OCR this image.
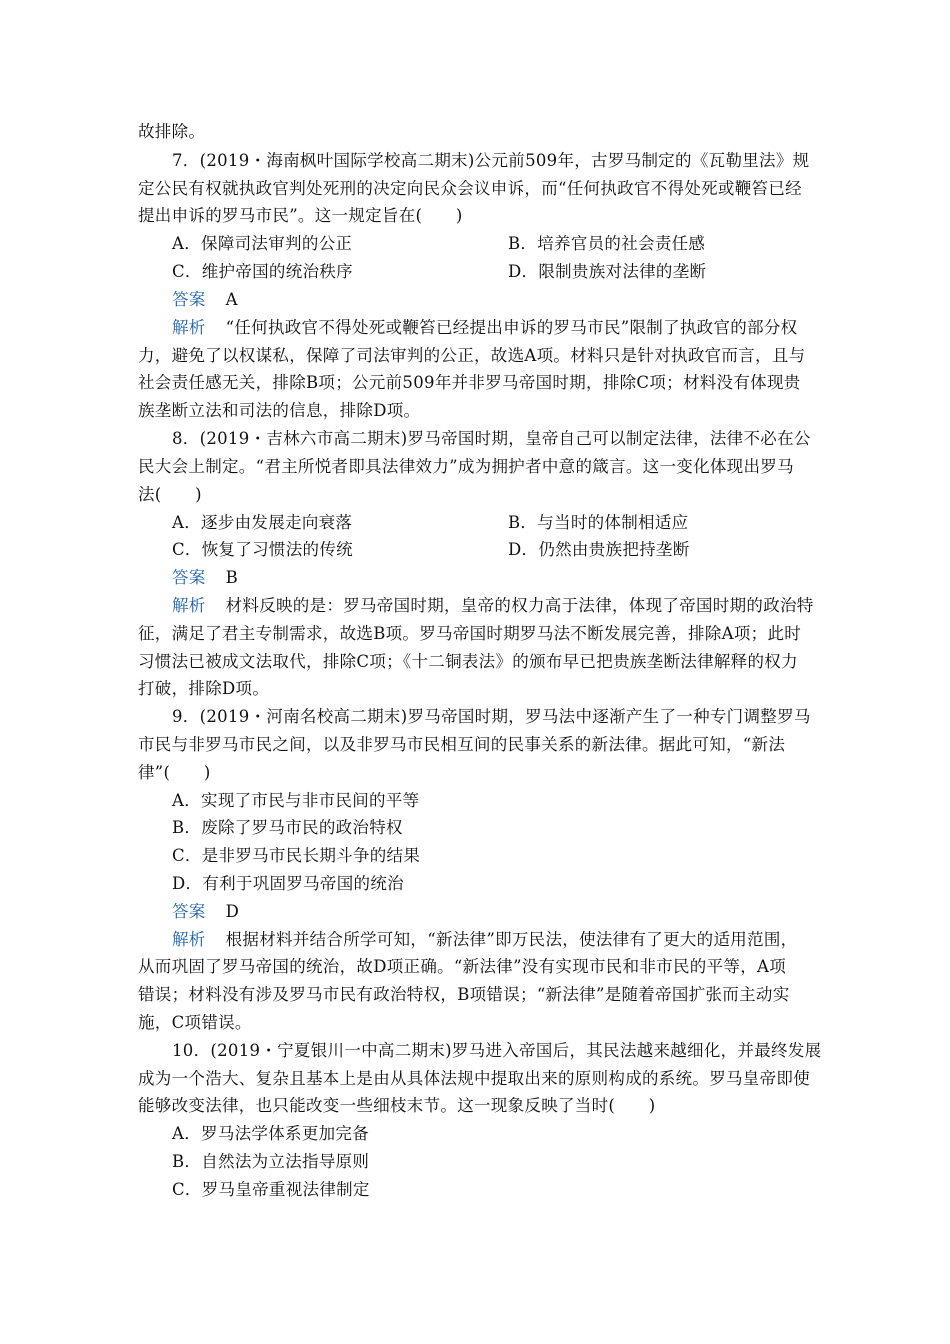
故排除。
7．(2019・海南枫叶国际学校高二期末)公元前509年，古罗马制定的《瓦勒里法》规
定公民有权就执政官判处死刑的决定向民众会议申诉，而“任何执政官不得处死或鞭笞已经
提出申诉的罗马市民”。这一规定旨在(　　)
A．保障司法审判的公正	B．培养官员的社会责任感
C．维护帝国的统治秩序	D．限制贵族对法律的垄断
答案 A
解析 “任何执政官不得处死或鞭笞已经提出申诉的罗马市民”限制了执政官的部分权
力，避免了以权谋私，保障了司法审判的公正，故选A项。材料只是针对执政官而言，且与
社会责任感无关，排除B项；公元前509年并非罗马帝国时期，排除C项；材料没有体现贵
族垄断立法和司法的信息，排除D项。
8．(2019・吉林六市高二期末)罗马帝国时期，皇帝自己可以制定法律，法律不必在公
民大会上制定。“君主所悦者即具法律效力”成为拥护者中意的箴言。这一变化体现出罗马
法(　　)
A．逐步由发展走向衰落	B．与当时的体制相适应
C．恢复了习惯法的传统	D．仍然由贵族把持垄断
答案 B
解析 材料反映的是：罗马帝国时期，皇帝的权力高于法律，体现了帝国时期的政治特
征，满足了君主专制需求，故选B项。罗马帝国时期罗马法不断发展完善，排除A项；此时
习惯法已被成文法取代，排除C项；《十二铜表法》的颁布早已把贵族垄断法律解释的权力
打破，排除D项。
9．(2019・河南名校高二期末)罗马帝国时期，罗马法中逐渐产生了一种专门调整罗马
市民与非罗马市民之间，以及非罗马市民相互间的民事关系的新法律。据此可知，“新法
律”(　　)
A．实现了市民与非市民间的平等
B．废除了罗马市民的政治特权
C．是非罗马市民长期斗争的结果
D．有利于巩固罗马帝国的统治
答案 D
解析 根据材料并结合所学可知，“新法律”即万民法，使法律有了更大的适用范围，
从而巩固了罗马帝国的统治，故D项正确。“新法律”没有实现市民和非市民的平等，A项
错误；材料没有涉及罗马市民有政治特权，B项错误；“新法律”是随着帝国扩张而主动实
施，C项错误。
10．(2019・宁夏银川一中高二期末)罗马进入帝国后，其民法越来越细化，并最终发展
成为一个浩大、复杂且基本上是由从具体法规中提取出来的原则构成的系统。罗马皇帝即使
能够改变法律，也只能改变一些细枝末节。这一现象反映了当时(　　)
A．罗马法学体系更加完备
B．自然法为立法指导原则
C．罗马皇帝重视法律制定
